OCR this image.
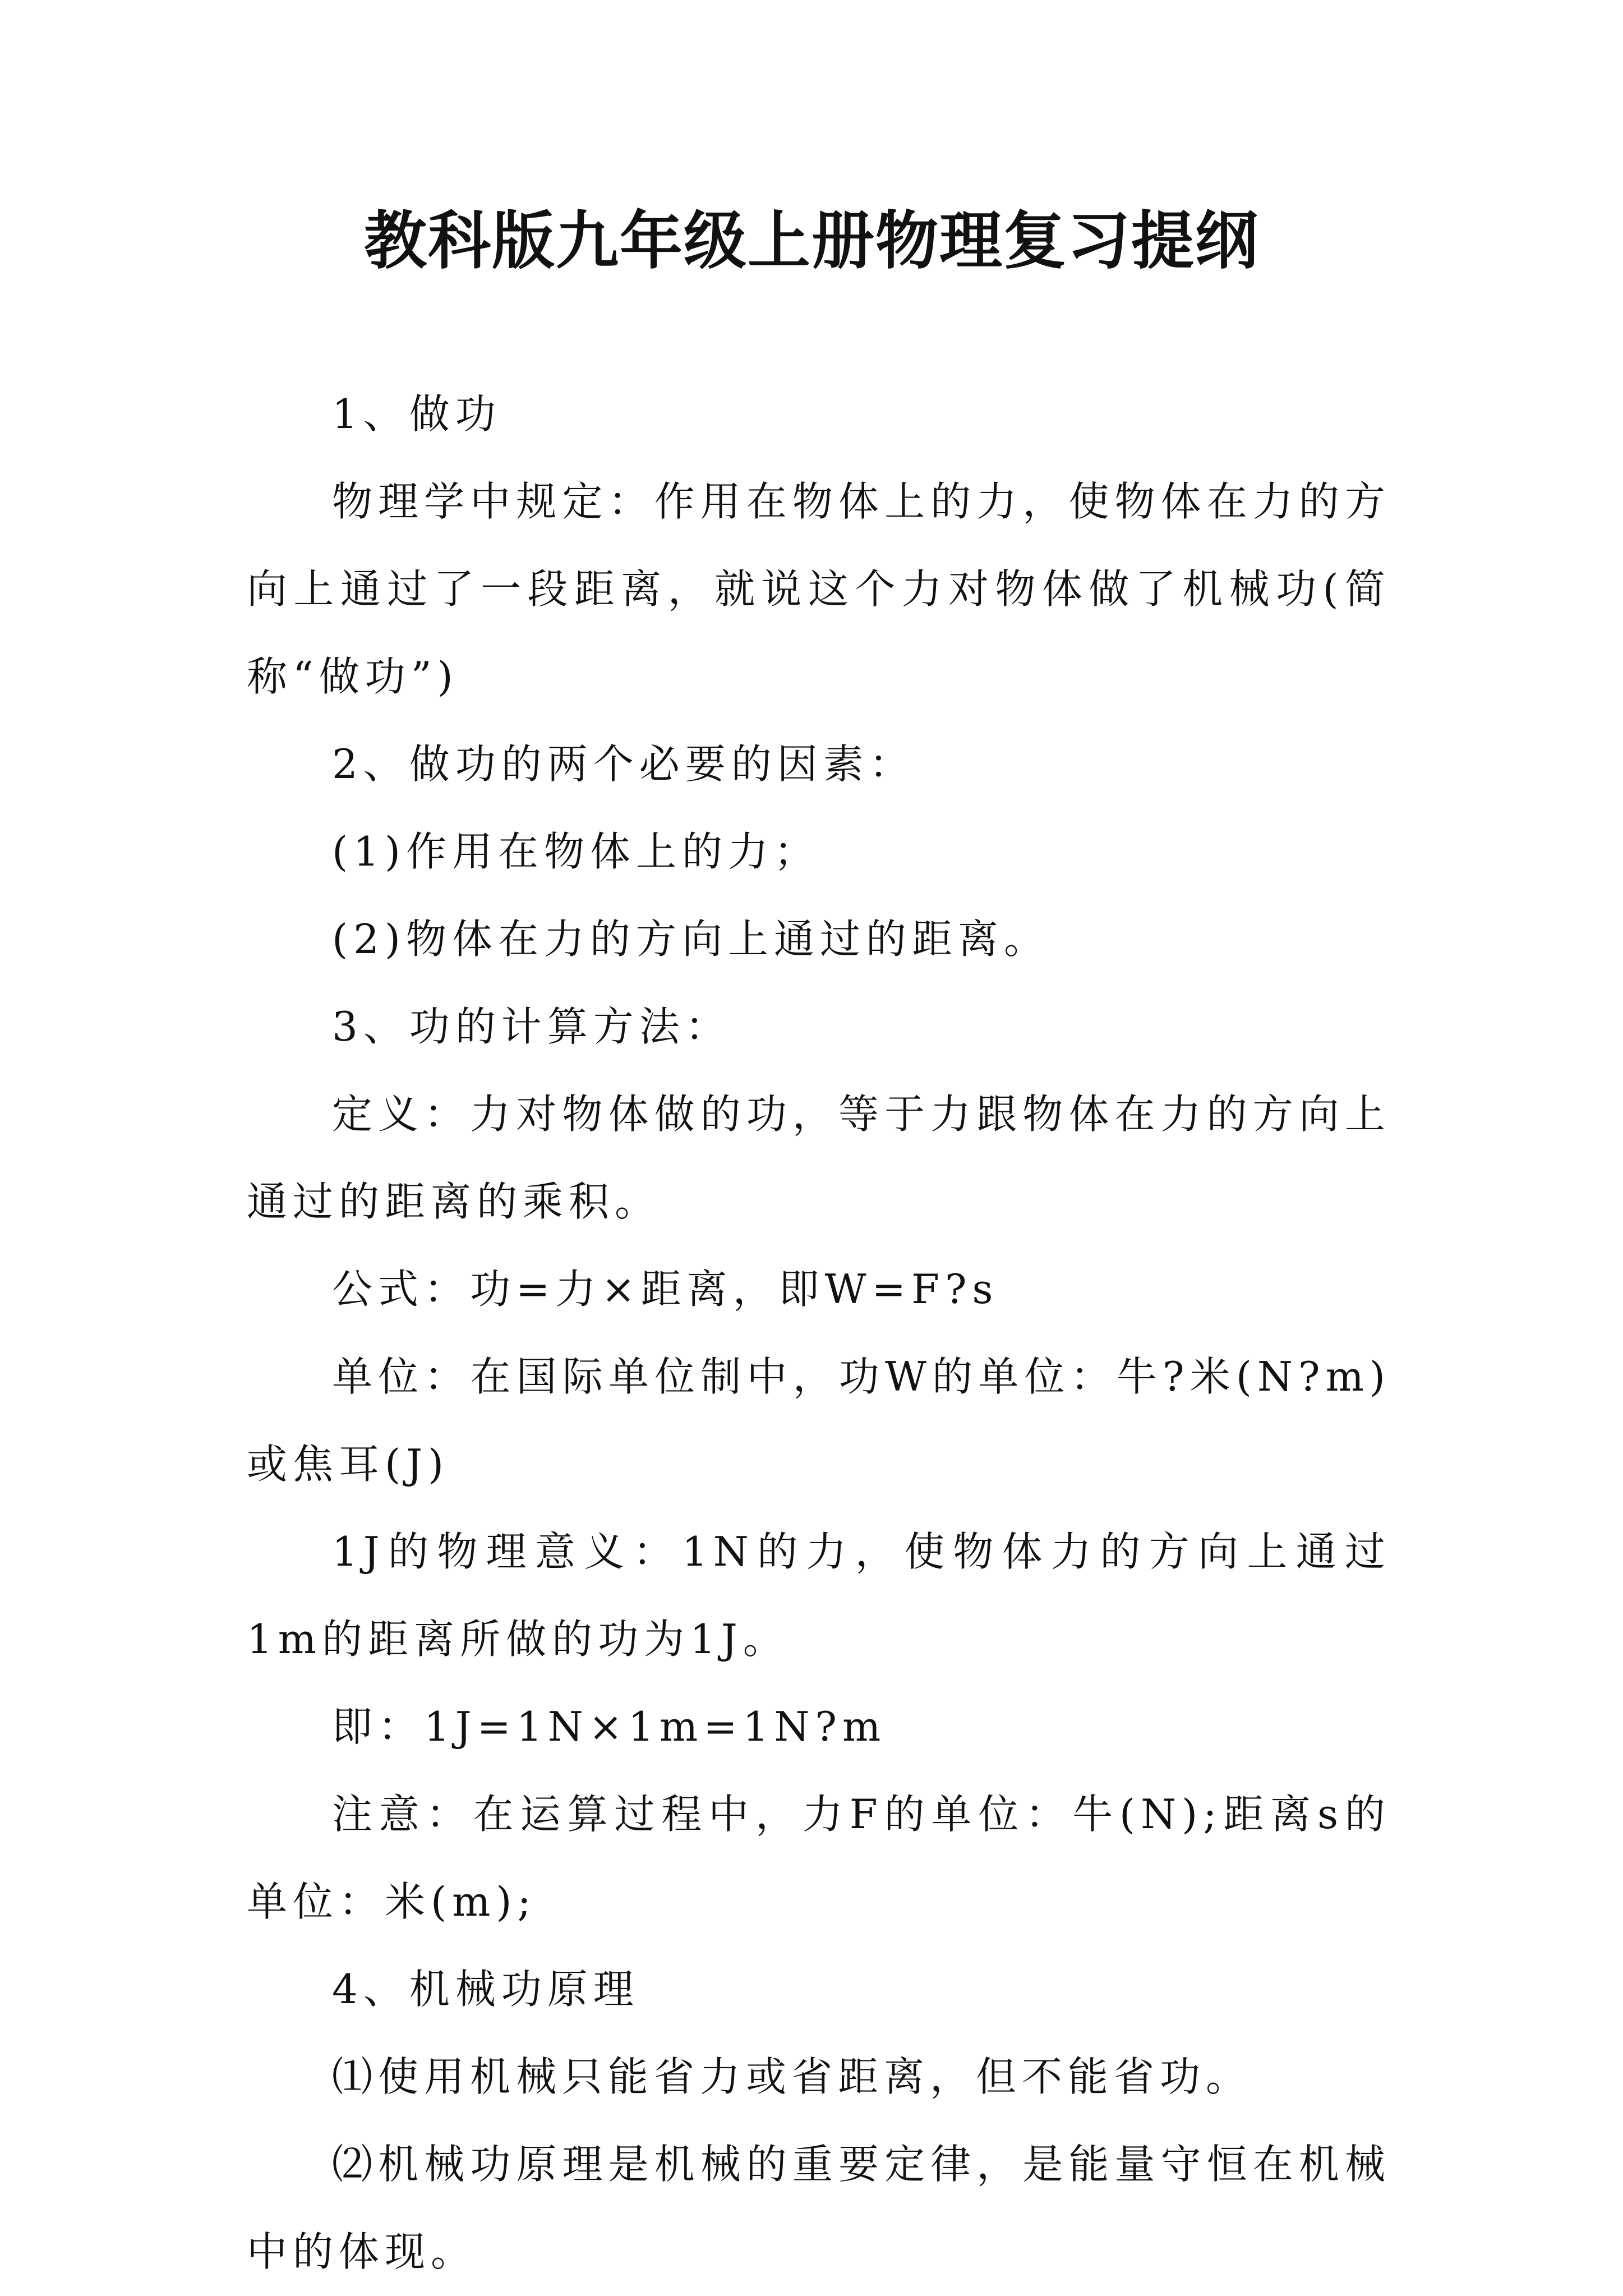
教科版九年级上册物理复习提纲

1、做功

物理学中规定：作用在物体上的力，使物体在力的方向上通过了一段距离，就说这个力对物体做了机械功(简称“做功”)

2、做功的两个必要的因素：

(1)作用在物体上的力；

(2)物体在力的方向上通过的距离。

3、功的计算方法：

定义：力对物体做的功，等于力跟物体在力的方向上通过的距离的乘积。

公式：功=力×距离，即W=F?s

单位：在国际单位制中，功W的单位：牛?米(N?m)或焦耳(J)

1J的物理意义：1N的力，使物体力的方向上通过1m的距离所做的功为1J。

即：1J=1N×1m=1N?m

注意：在运算过程中，力F的单位：牛(N);距离s的单位：米(m);

4、机械功原理

⑴使用机械只能省力或省距离，但不能省功。

⑵机械功原理是机械的重要定律，是能量守恒在机械中的体现。
